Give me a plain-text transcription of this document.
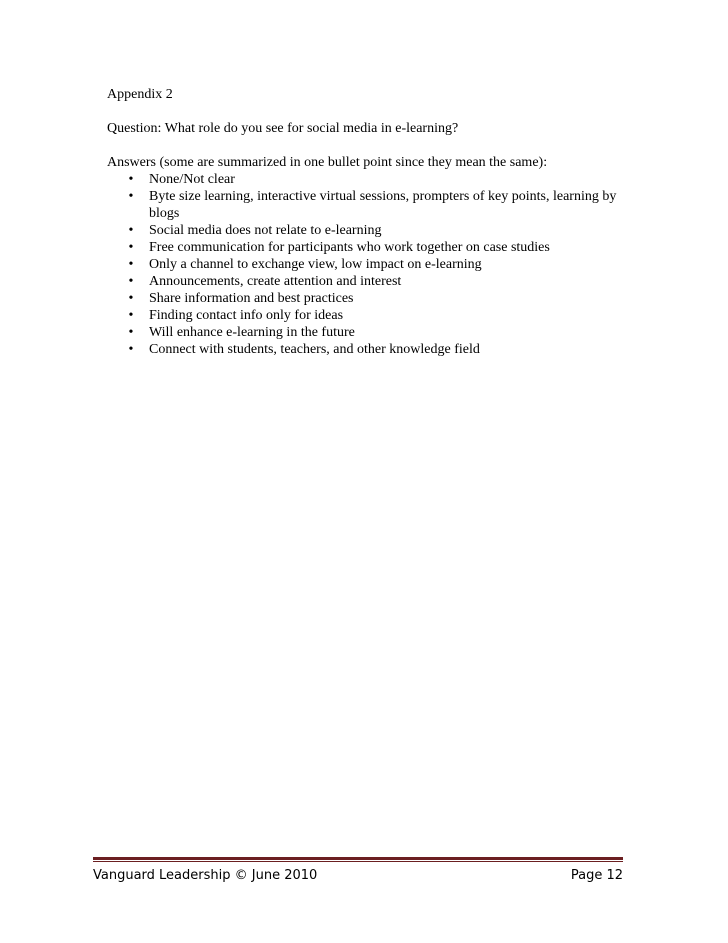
Appendix 2

Question: What role do you see for social media in e-learning?

Answers (some are summarized in one bullet point since they mean the same):

• None/Not clear
• Byte size learning, interactive virtual sessions, prompters of key points, learning by blogs
• Social media does not relate to e-learning
• Free communication for participants who work together on case studies
• Only a channel to exchange view, low impact on e-learning
• Announcements, create attention and interest
• Share information and best practices
• Finding contact info only for ideas
• Will enhance e-learning in the future
• Connect with students, teachers, and other knowledge field
Vanguard Leadership © June 2010	Page 12
